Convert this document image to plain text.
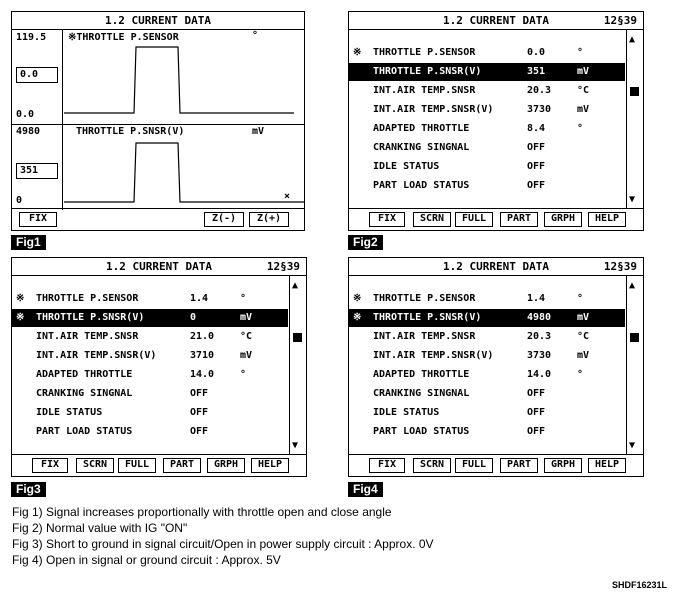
1.2 CURRENT DATA
119.5
0.0
0.0
※THROTTLE P.SENSOR	°
4980
351
0
THROTTLE P.SNSR(V)	mV
×
FIX	Z(-)	Z(+)
Fig1
1.2 CURRENT DATA	12§39
※ THROTTLE P.SENSOR	0.0	°
※ THROTTLE P.SNSR(V)	351	mV
INT.AIR TEMP.SNSR	20.3	°C
INT.AIR TEMP.SNSR(V)	3730	mV
ADAPTED THROTTLE	8.4	°
CRANKING SINGNAL	OFF
IDLE STATUS	OFF
PART LOAD STATUS	OFF
▲
▼
FIX	SCRN	FULL	PART	GRPH	HELP
Fig2
1.2 CURRENT DATA	12§39
※ THROTTLE P.SENSOR	1.4	°
※ THROTTLE P.SNSR(V)	0	mV
INT.AIR TEMP.SNSR	21.0	°C
INT.AIR TEMP.SNSR(V)	3710	mV
ADAPTED THROTTLE	14.0	°
CRANKING SINGNAL	OFF
IDLE STATUS	OFF
PART LOAD STATUS	OFF
▲
▼
FIX	SCRN	FULL	PART	GRPH	HELP
Fig3
1.2 CURRENT DATA	12§39
※ THROTTLE P.SENSOR	1.4	°
※ THROTTLE P.SNSR(V)	4980	mV
INT.AIR TEMP.SNSR	20.3	°C
INT.AIR TEMP.SNSR(V)	3730	mV
ADAPTED THROTTLE	14.0	°
CRANKING SINGNAL	OFF
IDLE STATUS	OFF
PART LOAD STATUS	OFF
▲
▼
FIX	SCRN	FULL	PART	GRPH	HELP
Fig4
Fig 1) Signal increases proportionally with throttle open and close angle
Fig 2) Normal value with IG "ON"
Fig 3) Short to ground in signal circuit/Open in power supply circuit : Approx. 0V
Fig 4) Open in signal or ground circuit : Approx. 5V
SHDF16231L
